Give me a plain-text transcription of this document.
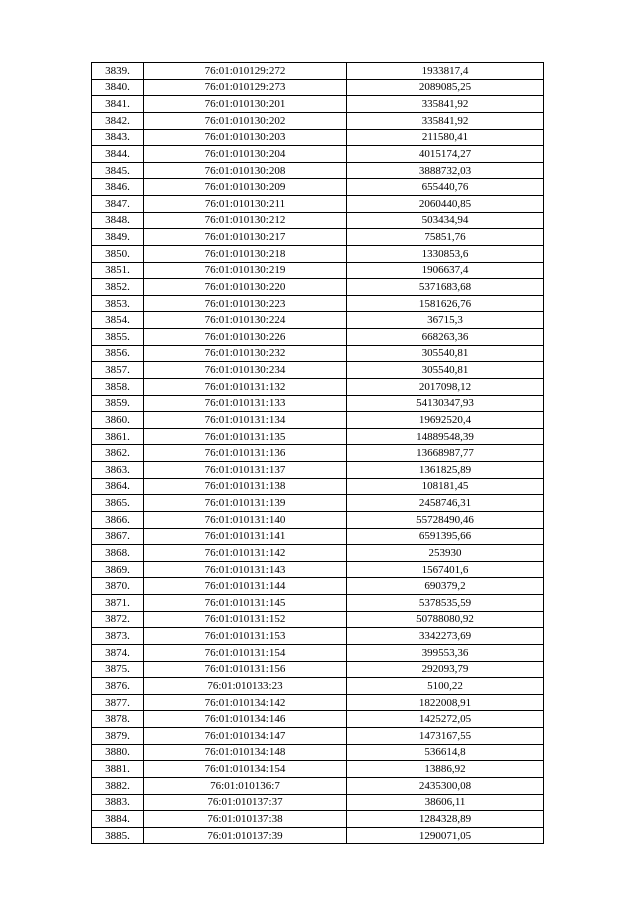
3839.	76:01:010129:272	1933817,4
3840.	76:01:010129:273	2089085,25
3841.	76:01:010130:201	335841,92
3842.	76:01:010130:202	335841,92
3843.	76:01:010130:203	211580,41
3844.	76:01:010130:204	4015174,27
3845.	76:01:010130:208	3888732,03
3846.	76:01:010130:209	655440,76
3847.	76:01:010130:211	2060440,85
3848.	76:01:010130:212	503434,94
3849.	76:01:010130:217	75851,76
3850.	76:01:010130:218	1330853,6
3851.	76:01:010130:219	1906637,4
3852.	76:01:010130:220	5371683,68
3853.	76:01:010130:223	1581626,76
3854.	76:01:010130:224	36715,3
3855.	76:01:010130:226	668263,36
3856.	76:01:010130:232	305540,81
3857.	76:01:010130:234	305540,81
3858.	76:01:010131:132	2017098,12
3859.	76:01:010131:133	54130347,93
3860.	76:01:010131:134	19692520,4
3861.	76:01:010131:135	14889548,39
3862.	76:01:010131:136	13668987,77
3863.	76:01:010131:137	1361825,89
3864.	76:01:010131:138	108181,45
3865.	76:01:010131:139	2458746,31
3866.	76:01:010131:140	55728490,46
3867.	76:01:010131:141	6591395,66
3868.	76:01:010131:142	253930
3869.	76:01:010131:143	1567401,6
3870.	76:01:010131:144	690379,2
3871.	76:01:010131:145	5378535,59
3872.	76:01:010131:152	50788080,92
3873.	76:01:010131:153	3342273,69
3874.	76:01:010131:154	399553,36
3875.	76:01:010131:156	292093,79
3876.	76:01:010133:23	5100,22
3877.	76:01:010134:142	1822008,91
3878.	76:01:010134:146	1425272,05
3879.	76:01:010134:147	1473167,55
3880.	76:01:010134:148	536614,8
3881.	76:01:010134:154	13886,92
3882.	76:01:010136:7	2435300,08
3883.	76:01:010137:37	38606,11
3884.	76:01:010137:38	1284328,89
3885.	76:01:010137:39	1290071,05
